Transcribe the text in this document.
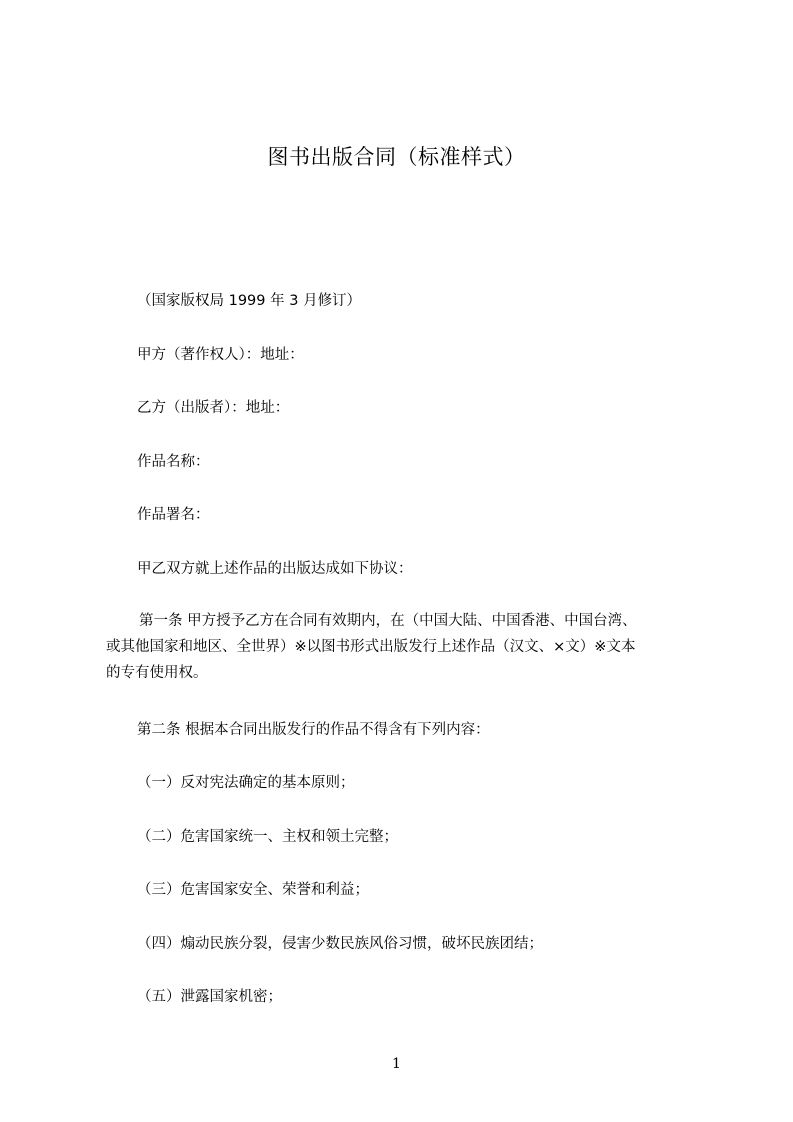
图书出版合同（标准样式）

（国家版权局 1999 年 3 月修订）

甲方（著作权人）：地址：

乙方（出版者）：地址：

作品名称：

作品署名：

甲乙双方就上述作品的出版达成如下协议：

第一条 甲方授予乙方在合同有效期内，在（中国大陆、中国香港、中国台湾、
或其他国家和地区、全世界）※以图书形式出版发行上述作品（汉文、×文）※文本
的专有使用权。

第二条 根据本合同出版发行的作品不得含有下列内容：

（一）反对宪法确定的基本原则；

（二）危害国家统一、主权和领土完整；

（三）危害国家安全、荣誉和利益；

（四）煽动民族分裂，侵害少数民族风俗习惯，破坏民族团结；

（五）泄露国家机密；

1
